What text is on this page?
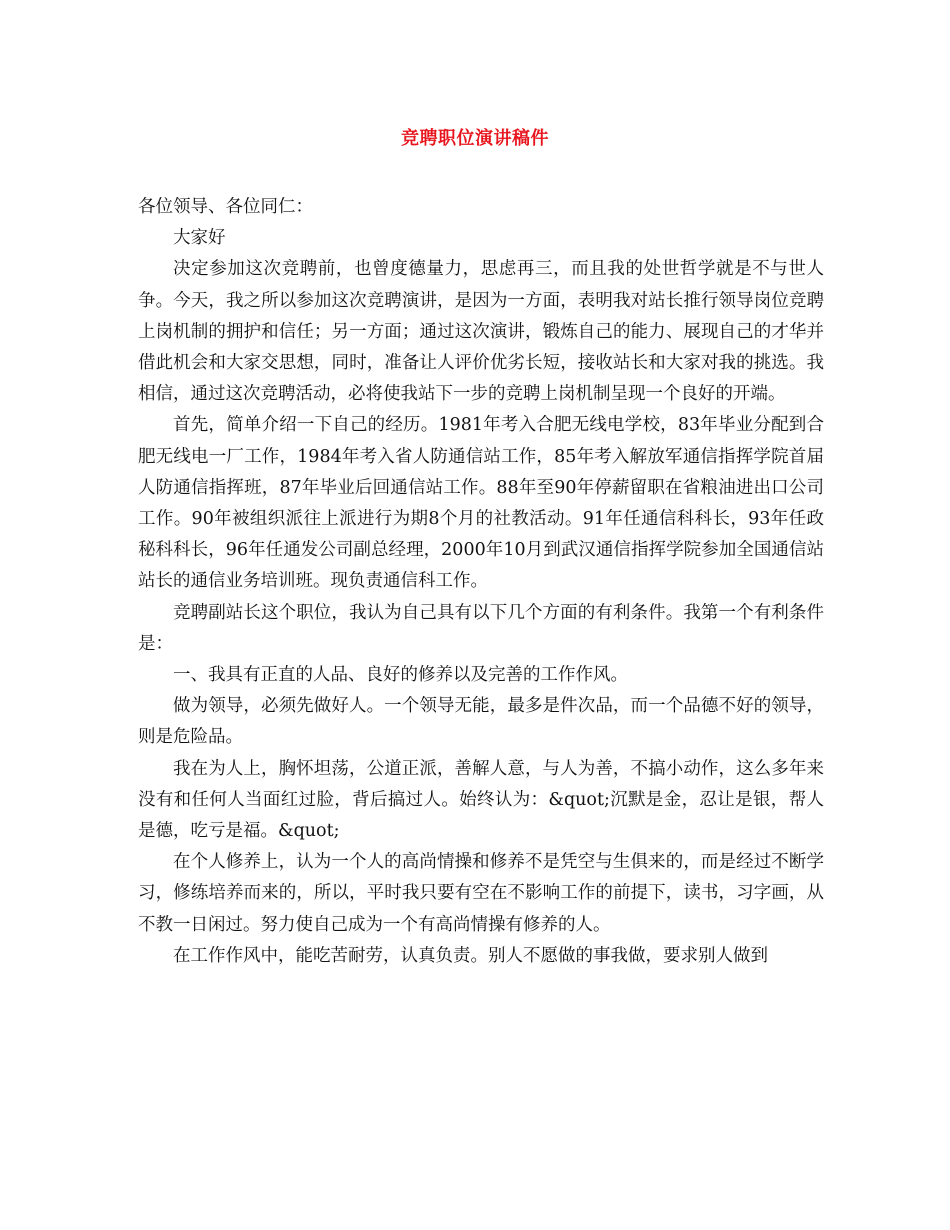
竞聘职位演讲稿件

各位领导、各位同仁：

大家好

决定参加这次竞聘前，也曾度德量力，思虑再三，而且我的处世哲学就是不与世人争。今天，我之所以参加这次竞聘演讲，是因为一方面，表明我对站长推行领导岗位竞聘上岗机制的拥护和信任；另一方面；通过这次演讲，锻炼自己的能力、展现自己的才华并借此机会和大家交思想，同时，准备让人评价优劣长短，接收站长和大家对我的挑选。我相信，通过这次竞聘活动，必将使我站下一步的竞聘上岗机制呈现一个良好的开端。

首先，简单介绍一下自己的经历。1981年考入合肥无线电学校，83年毕业分配到合肥无线电一厂工作，1984年考入省人防通信站工作，85年考入解放军通信指挥学院首届人防通信指挥班，87年毕业后回通信站工作。88年至90年停薪留职在省粮油进出口公司工作。90年被组织派往上派进行为期8个月的社教活动。91年任通信科科长，93年任政秘科科长，96年任通发公司副总经理，2000年10月到武汉通信指挥学院参加全国通信站站长的通信业务培训班。现负责通信科工作。

竞聘副站长这个职位，我认为自己具有以下几个方面的有利条件。我第一个有利条件是：

一、我具有正直的人品、良好的修养以及完善的工作作风。

做为领导，必须先做好人。一个领导无能，最多是件次品，而一个品德不好的领导，则是危险品。

我在为人上，胸怀坦荡，公道正派，善解人意，与人为善，不搞小动作，这么多年来没有和任何人当面红过脸，背后搞过人。始终认为：&quot;沉默是金，忍让是银，帮人是德，吃亏是福。&quot;

在个人修养上，认为一个人的高尚情操和修养不是凭空与生俱来的，而是经过不断学习，修练培养而来的，所以，平时我只要有空在不影响工作的前提下，读书，习字画，从不教一日闲过。努力使自己成为一个有高尚情操有修养的人。

在工作作风中，能吃苦耐劳，认真负责。别人不愿做的事我做，要求别人做到
